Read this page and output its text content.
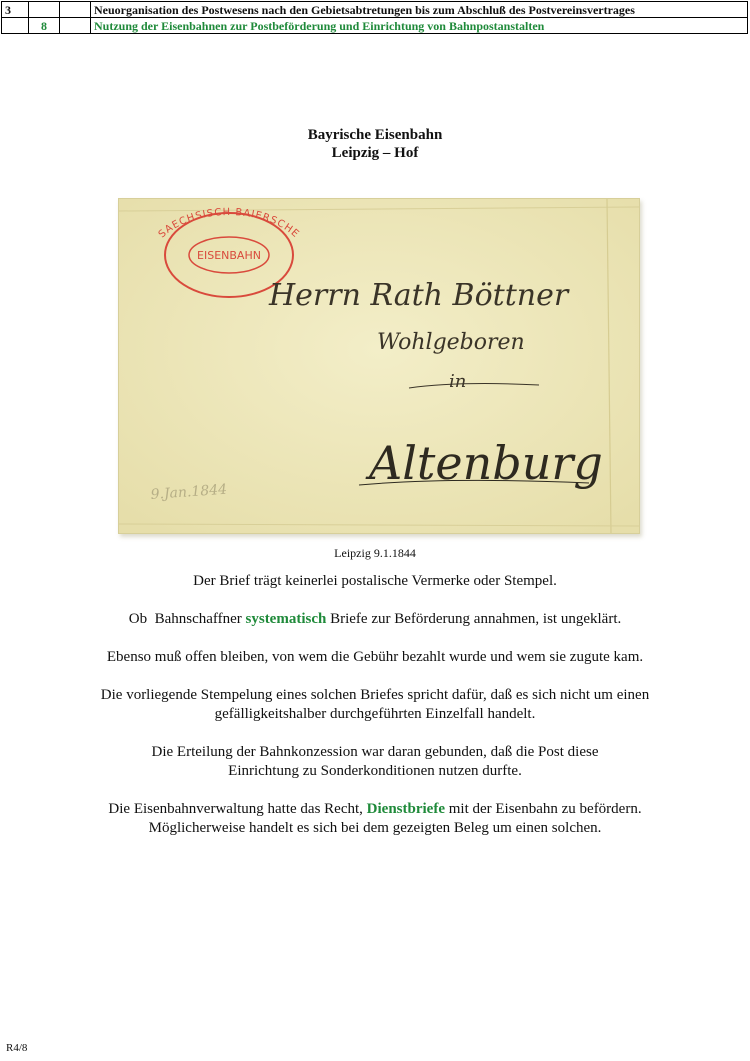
3			Neuorganisation des Postwesens nach den Gebietsabtretungen bis zum Abschluß des Postvereinsvertrages
	8		Nutzung der Eisenbahnen zur Postbeförderung und Einrichtung von Bahnpostanstalten
Bayrische Eisenbahn
Leipzig – Hof
SAECHSISCH BAIERSCHE
EISENBAHN
Herrn Rath Böttner
Wohlgeboren
in
Altenburg
9.Jan.1844
Leipzig 9.1.1844

Der Brief trägt keinerlei postalische Vermerke oder Stempel.

Ob  Bahnschaffner systematisch Briefe zur Beförderung annahmen, ist ungeklärt.

Ebenso muß offen bleiben, von wem die Gebühr bezahlt wurde und wem sie zugute kam.

Die vorliegende Stempelung eines solchen Briefes spricht dafür, daß es sich nicht um einen
gefälligkeitshalber durchgeführten Einzelfall handelt.

Die Erteilung der Bahnkonzession war daran gebunden, daß die Post diese
Einrichtung zu Sonderkonditionen nutzen durfte.

Die Eisenbahnverwaltung hatte das Recht, Dienstbriefe mit der Eisenbahn zu befördern.
Möglicherweise handelt es sich bei dem gezeigten Beleg um einen solchen.

R4/8
